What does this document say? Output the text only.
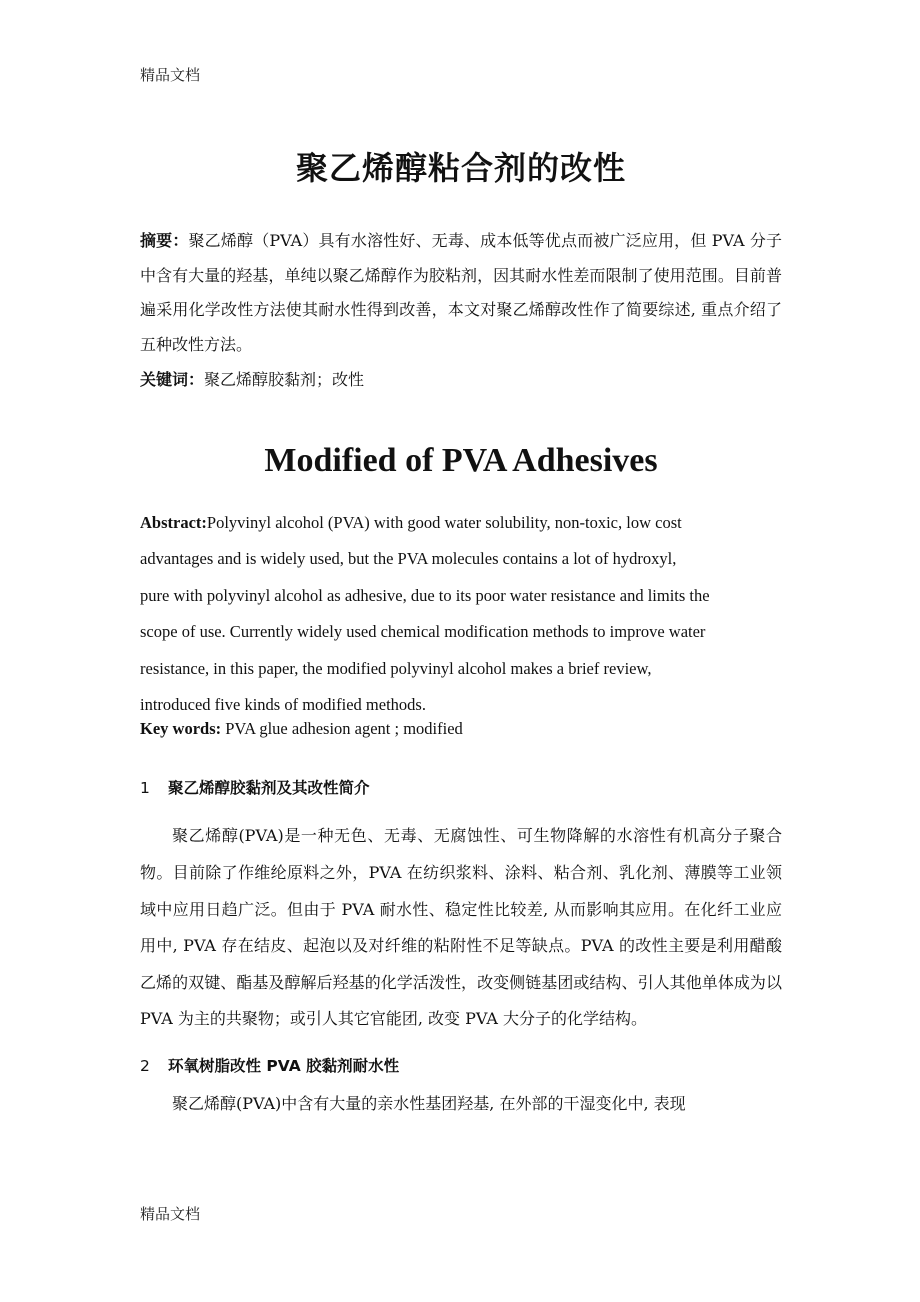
精品文档
聚乙烯醇粘合剂的改性
摘要：聚乙烯醇（PVA）具有水溶性好、无毒、成本低等优点而被广泛应用，但 PVA 分子中含有大量的羟基，单纯以聚乙烯醇作为胶粘剂，因其耐水性差而限制了使用范围。目前普遍采用化学改性方法使其耐水性得到改善，本文对聚乙烯醇改性作了简要综述, 重点介绍了五种改性方法。
关键词：聚乙烯醇胶黏剂；改性
Modified of PVA Adhesives
Abstract:Polyvinyl alcohol (PVA) with good water solubility, non-toxic, low cost
advantages and is widely used, but the PVA molecules contains a lot of hydroxyl,
pure with polyvinyl alcohol as adhesive, due to its poor water resistance and limits the
scope of use. Currently widely used chemical modification methods to improve water
resistance, in this paper, the modified polyvinyl alcohol makes a brief review,
introduced five kinds of modified methods.
Key words: PVA glue adhesion agent ; modified
1 聚乙烯醇胶黏剂及其改性简介

聚乙烯醇(PVA)是一种无色、无毒、无腐蚀性、可生物降解的水溶性有机高分子聚合物。目前除了作维纶原料之外，PVA 在纺织浆料、涂料、粘合剂、乳化剂、薄膜等工业领域中应用日趋广泛。但由于 PVA 耐水性、稳定性比较差, 从而影响其应用。在化纤工业应用中, PVA 存在结皮、起泡以及对纤维的粘附性不足等缺点。PVA 的改性主要是利用醋酸乙烯的双键、酯基及醇解后羟基的化学活泼性，改变侧链基团或结构、引人其他单体成为以 PVA 为主的共聚物；或引人其它官能团, 改变 PVA 大分子的化学结构。

2 环氧树脂改性 PVA 胶黏剂耐水性

聚乙烯醇(PVA)中含有大量的亲水性基团羟基, 在外部的干湿变化中, 表现

精品文档
